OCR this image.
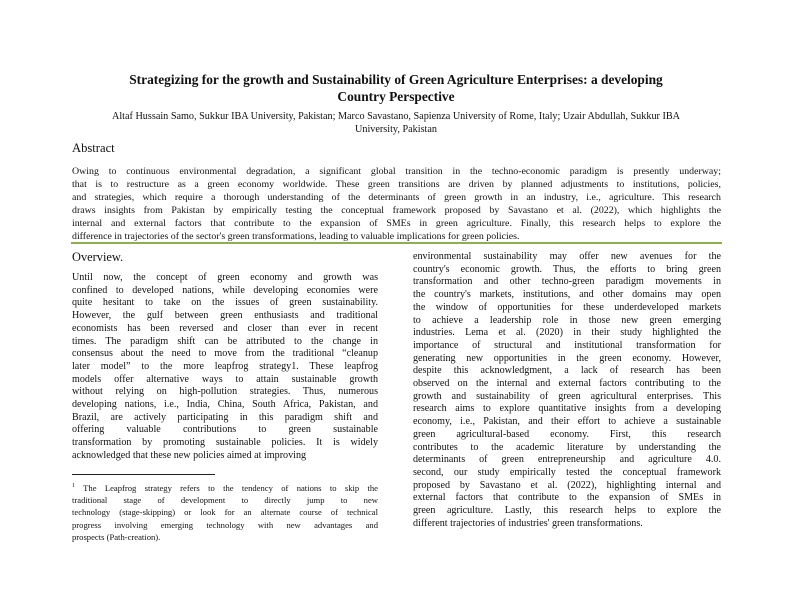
Strategizing for the growth and Sustainability of Green Agriculture Enterprises: a developing
Country Perspective
Altaf Hussain Samo, Sukkur IBA University, Pakistan; Marco Savastano, Sapienza University of Rome, Italy; Uzair Abdullah, Sukkur IBA
University, Pakistan
Abstract
Owing to continuous environmental degradation, a significant global transition in the techno-economic paradigm is presently underway;
that is to restructure as a green economy worldwide. These green transitions are driven by planned adjustments to institutions, policies,
and strategies, which require a thorough understanding of the determinants of green growth in an industry, i.e., agriculture. This research
draws insights from Pakistan by empirically testing the conceptual framework proposed by Savastano et al. (2022), which highlights the
internal and external factors that contribute to the expansion of SMEs in green agriculture. Finally, this research helps to explore the
difference in trajectories of the sector's green transformations, leading to valuable implications for green policies.
Overview.
Until now, the concept of green economy and growth was
confined to developed nations, while developing economies were
quite hesitant to take on the issues of green sustainability.
However, the gulf between green enthusiasts and traditional
economists has been reversed and closer than ever in recent
times. The paradigm shift can be attributed to the change in
consensus about the need to move from the traditional “cleanup
later model” to the more leapfrog strategy1. These leapfrog
models offer alternative ways to attain sustainable growth
without relying on high-pollution strategies. Thus, numerous
developing nations, i.e., India, China, South Africa, Pakistan, and
Brazil, are actively participating in this paradigm shift and
offering valuable contributions to green sustainable
transformation by promoting sustainable policies. It is widely
acknowledged that these new policies aimed at improving
environmental sustainability may offer new avenues for the
country's economic growth. Thus, the efforts to bring green
transformation and other techno-green paradigm movements in
the country's markets, institutions, and other domains may open
the window of opportunities for these underdeveloped markets
to achieve a leadership role in those new green emerging
industries. Lema et al. (2020) in their study highlighted the
importance of structural and institutional transformation for
generating new opportunities in the green economy. However,
despite this acknowledgment, a lack of research has been
observed on the internal and external factors contributing to the
growth and sustainability of green agricultural enterprises. This
research aims to explore quantitative insights from a developing
economy, i.e., Pakistan, and their effort to achieve a sustainable
green agricultural-based economy. First, this research
contributes to the academic literature by understanding the
determinants of green entrepreneurship and agriculture 4.0.
second, our study empirically tested the conceptual framework
proposed by Savastano et al. (2022), highlighting internal and
external factors that contribute to the expansion of SMEs in
green agriculture. Lastly, this research helps to explore the
different trajectories of industries' green transformations.
$^1$ The Leapfrog strategy refers to the tendency of nations to skip the
traditional stage of development to directly jump to new
technology (stage-skipping) or look for an alternate course of technical
progress involving emerging technology with new advantages and
prospects (Path-creation).
